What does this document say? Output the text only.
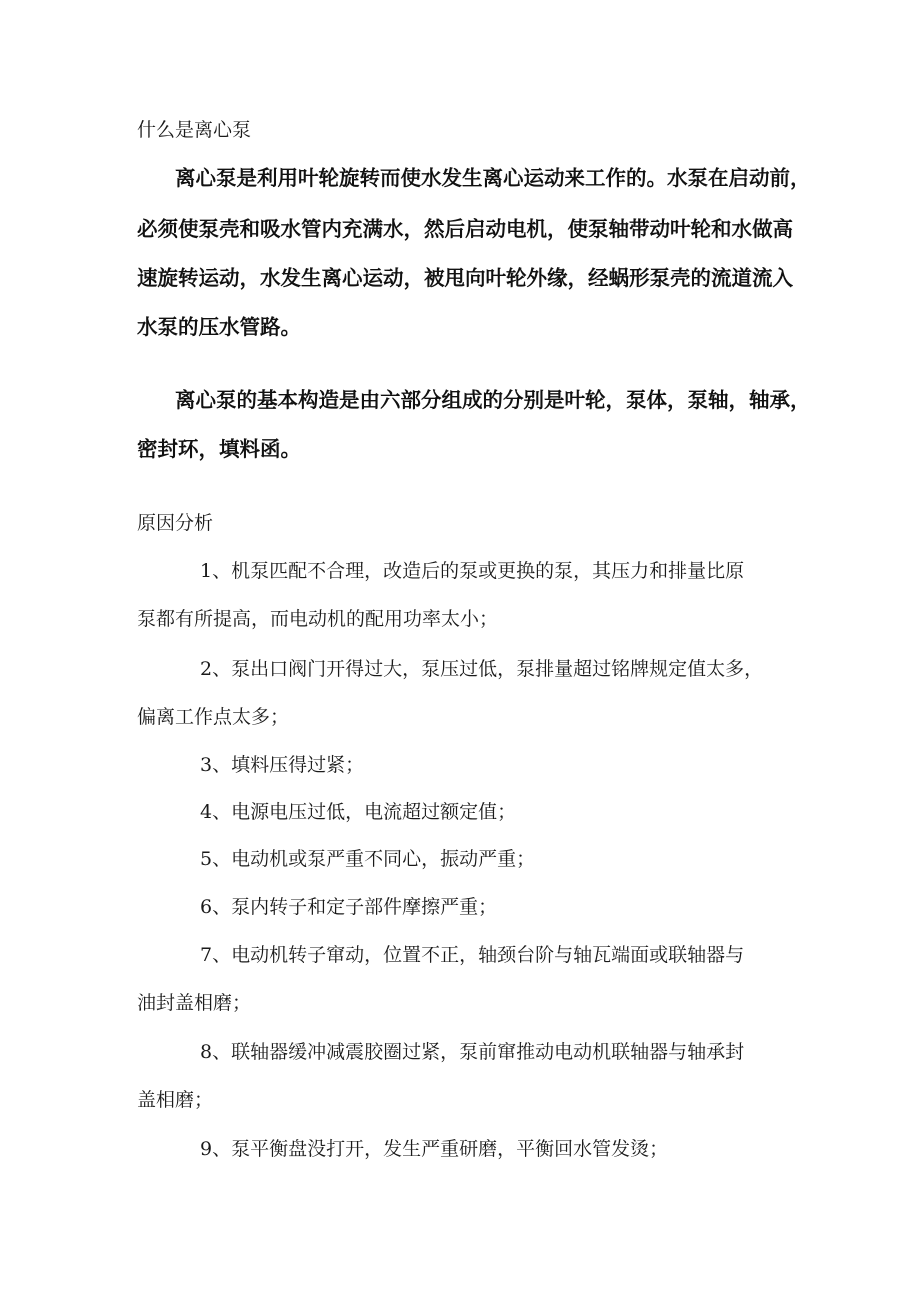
什么是离心泵
离心泵是利用叶轮旋转而使水发生离心运动来工作的。水泵在启动前，
必须使泵壳和吸水管内充满水，然后启动电机，使泵轴带动叶轮和水做高
速旋转运动，水发生离心运动，被甩向叶轮外缘，经蜗形泵壳的流道流入
水泵的压水管路。
离心泵的基本构造是由六部分组成的分别是叶轮，泵体，泵轴，轴承，
密封环，填料函。
原因分析
1、机泵匹配不合理，改造后的泵或更换的泵，其压力和排量比原
泵都有所提高，而电动机的配用功率太小；
2、泵出口阀门开得过大，泵压过低，泵排量超过铭牌规定值太多，
偏离工作点太多；
3、填料压得过紧；
4、电源电压过低，电流超过额定值；
5、电动机或泵严重不同心，振动严重；
6、泵内转子和定子部件摩擦严重；
7、电动机转子窜动，位置不正，轴颈台阶与轴瓦端面或联轴器与
油封盖相磨；
8、联轴器缓冲减震胶圈过紧，泵前窜推动电动机联轴器与轴承封
盖相磨；
9、泵平衡盘没打开，发生严重研磨，平衡回水管发烫；
